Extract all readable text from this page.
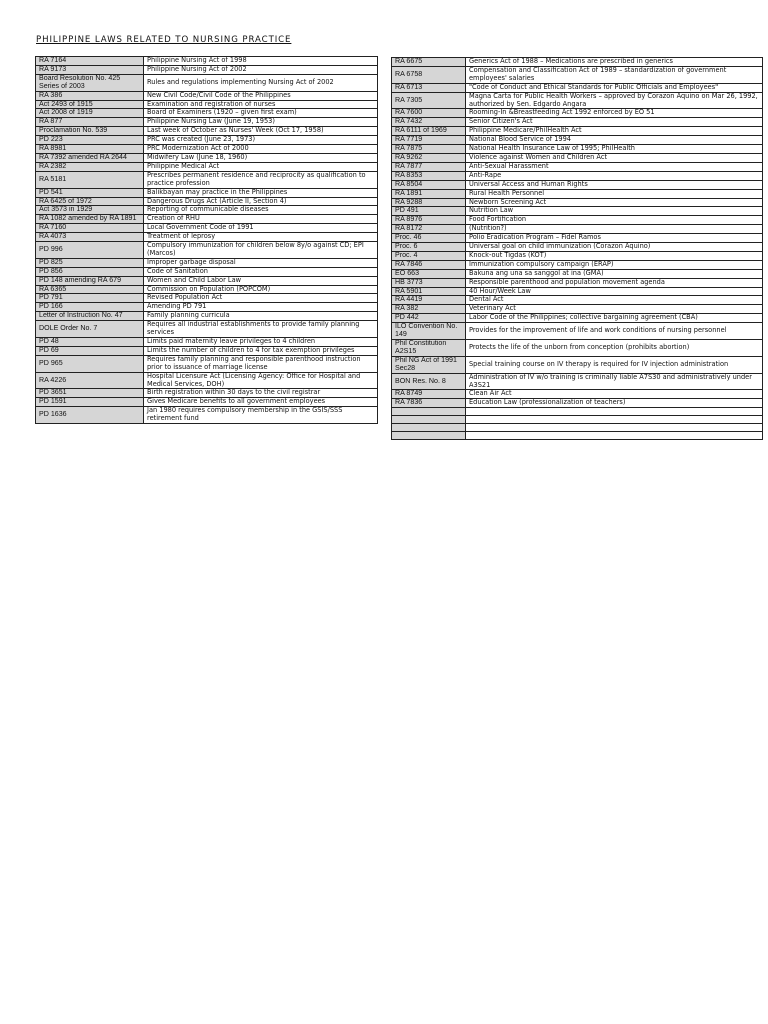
PHILIPPINE LAWS RELATED TO NURSING PRACTICE
RA 7164	Philippine Nursing Act of 1998
RA 9173	Philippine Nursing Act of 2002
Board Resolution No. 425 Series of 2003	Rules and regulations implementing Nursing Act of 2002
RA 386	New Civil Code/Civil Code of the Philippines
Act 2493 of 1915	Examination and registration of nurses
Act 2008 of 1919	Board of Examiners (1920 – given first exam)
RA 877	Philippine Nursing Law (June 19, 1953)
Proclamation No. 539	Last week of October as Nurses' Week (Oct 17, 1958)
PD 223	PRC was created (June 23, 1973)
RA 8981	PRC Modernization Act of 2000
RA 7392 amended RA 2644	Midwifery Law (June 18, 1960)
RA 2382	Philippine Medical Act
RA 5181	Prescribes permanent residence and reciprocity as qualification to practice profession
PD 541	Balikbayan may practice in the Philippines
RA 6425 of 1972	Dangerous Drugs Act (Article II, Section 4)
Act 3573 in 1929	Reporting of communicable diseases
RA 1082 amended by RA 1891	Creation of RHU
RA 7160	Local Government Code of 1991
RA 4073	Treatment of leprosy
PD 996	Compulsory immunization for children below 8y/o against CD; EPI (Marcos)
PD 825	Improper garbage disposal
PD 856	Code of Sanitation
PD 148 amending RA 679	Women and Child Labor Law
RA 6365	Commission on Population (POPCOM)
PD 791	Revised Population Act
PD 166	Amending PD 791
Letter of Instruction No. 47	Family planning curricula
DOLE Order No. 7	Requires all industrial establishments to provide family planning services
PD 48	Limits paid maternity leave privileges to 4 children
PD 69	Limits the number of children to 4 for tax exemption privileges
PD 965	Requires family planning and responsible parenthood instruction prior to issuance of marriage license
RA 4226	Hospital Licensure Act (Licensing Agency: Office for Hospital and Medical Services, DOH)
PD 3651	Birth registration within 30 days to the civil registrar
PD 1591	Gives Medicare benefits to all government employees
PD 1636	Jan 1980 requires compulsory membership in the GSIS/SSS retirement fund
RA 6675	Generics Act of 1988 – Medications are prescribed in generics
RA 6758	Compensation and Classification Act of 1989 – standardization of government employees' salaries
RA 6713	"Code of Conduct and Ethical Standards for Public Officials and Employees"
RA 7305	Magna Carta for Public Health Workers – approved by Corazon Aquino on Mar 26, 1992, authorized by Sen. Edgardo Angara
RA 7600	Rooming-In &Breastfeeding Act 1992 enforced by EO 51
RA 7432	Senior Citizen's Act
RA 6111 of 1969	Philippine Medicare/PhilHealth Act
RA 7719	National Blood Service of 1994
RA 7875	National Health Insurance Law of 1995; PhilHealth
RA 9262	Violence against Women and Children Act
RA 7877	Anti-Sexual Harassment
RA 8353	Anti-Rape
RA 8504	Universal Access and Human Rights
RA 1891	Rural Health Personnel
RA 9288	Newborn Screening Act
PD 491	Nutrition Law
RA 8976	Food Fortification
RA 8172	(Nutrition?)
Proc. 46	Polio Eradication Program – Fidel Ramos
Proc. 6	Universal goal on child immunization (Corazon Aquino)
Proc. 4	Knock-out Tigdas (KOT)
RA 7846	Immunization compulsory campaign (ERAP)
EO 663	Bakuna ang una sa sanggol at ina (GMA)
HB 3773	Responsible parenthood and population movement agenda
RA 5901	40 Hour/Week Law
RA 4419	Dental Act
RA 382	Veterinary Act
PD 442	Labor Code of the Philippines; collective bargaining agreement (CBA)
ILO Convention No. 149	Provides for the improvement of life and work conditions of nursing personnel
Phil Constitution A2S15	Protects the life of the unborn from conception (prohibits abortion)
Phil NG Act of 1991 Sec28	Special training course on IV therapy is required for IV injection administration
BON Res. No. 8	Administration of IV w/o training is criminally liable A7S30 and administratively under A3S21
RA 8749	Clean Air Act
RA 7836	Education Law (professionalization of teachers)
